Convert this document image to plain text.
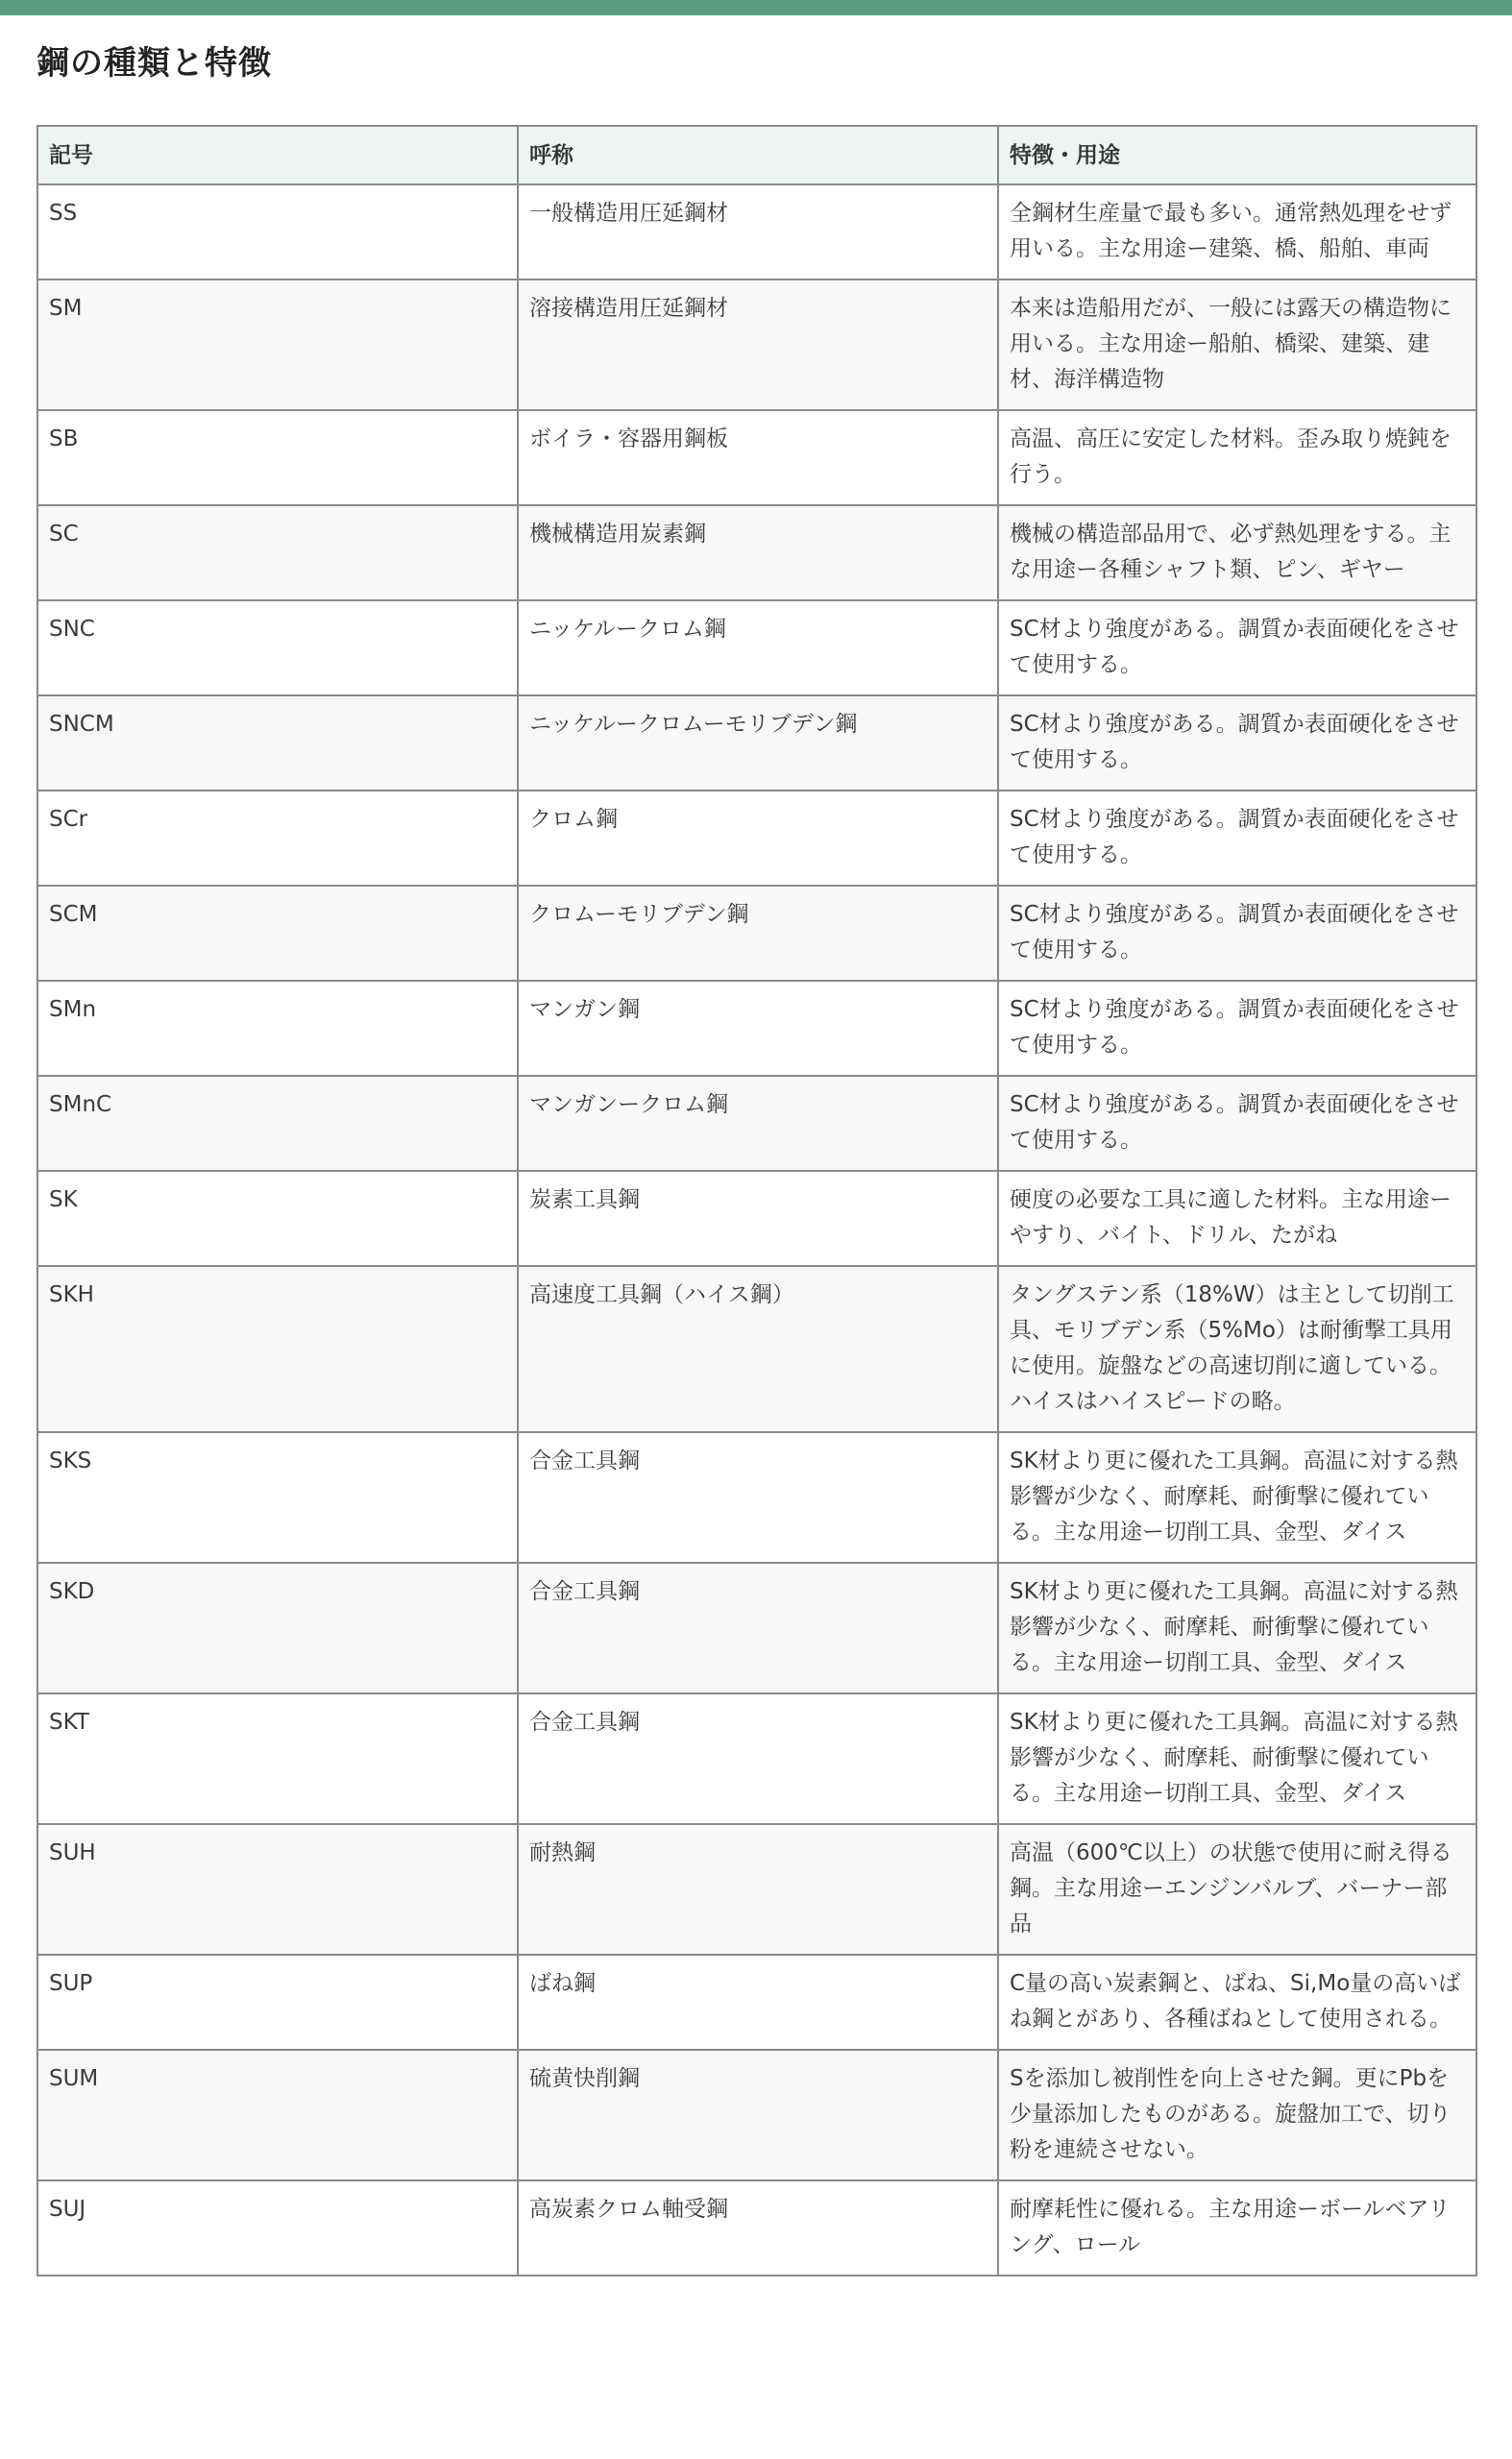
鋼の種類と特徴
記号	呼称	特徴・用途
SS	一般構造用圧延鋼材	全鋼材生産量で最も多い。通常熱処理をせず用いる。主な用途ー建築、橋、船舶、車両
SM	溶接構造用圧延鋼材	本来は造船用だが、一般には露天の構造物に用いる。主な用途ー船舶、橋梁、建築、建材、海洋構造物
SB	ボイラ・容器用鋼板	高温、高圧に安定した材料。歪み取り焼鈍を行う。
SC	機械構造用炭素鋼	機械の構造部品用で、必ず熱処理をする。主な用途ー各種シャフト類、ピン、ギヤー
SNC	ニッケルークロム鋼	SC材より強度がある。調質か表面硬化をさせて使用する。
SNCM	ニッケルークロムーモリブデン鋼	SC材より強度がある。調質か表面硬化をさせて使用する。
SCr	クロム鋼	SC材より強度がある。調質か表面硬化をさせて使用する。
SCM	クロムーモリブデン鋼	SC材より強度がある。調質か表面硬化をさせて使用する。
SMn	マンガン鋼	SC材より強度がある。調質か表面硬化をさせて使用する。
SMnC	マンガンークロム鋼	SC材より強度がある。調質か表面硬化をさせて使用する。
SK	炭素工具鋼	硬度の必要な工具に適した材料。主な用途ーやすり、バイト、ドリル、たがね
SKH	高速度工具鋼（ハイス鋼）	タングステン系（18%W）は主として切削工具、モリブデン系（5%Mo）は耐衝撃工具用に使用。旋盤などの高速切削に適している。ハイスはハイスピードの略。
SKS	合金工具鋼	SK材より更に優れた工具鋼。高温に対する熱影響が少なく、耐摩耗、耐衝撃に優れている。主な用途ー切削工具、金型、ダイス
SKD	合金工具鋼	SK材より更に優れた工具鋼。高温に対する熱影響が少なく、耐摩耗、耐衝撃に優れている。主な用途ー切削工具、金型、ダイス
SKT	合金工具鋼	SK材より更に優れた工具鋼。高温に対する熱影響が少なく、耐摩耗、耐衝撃に優れている。主な用途ー切削工具、金型、ダイス
SUH	耐熱鋼	高温（600℃以上）の状態で使用に耐え得る鋼。主な用途ーエンジンバルブ、バーナー部品
SUP	ばね鋼	C量の高い炭素鋼と、ばね、Si,Mo量の高いばね鋼とがあり、各種ばねとして使用される。
SUM	硫黄快削鋼	Sを添加し被削性を向上させた鋼。更にPbを少量添加したものがある。旋盤加工で、切り粉を連続させない。
SUJ	高炭素クロム軸受鋼	耐摩耗性に優れる。主な用途ーボールベアリング、ロール
